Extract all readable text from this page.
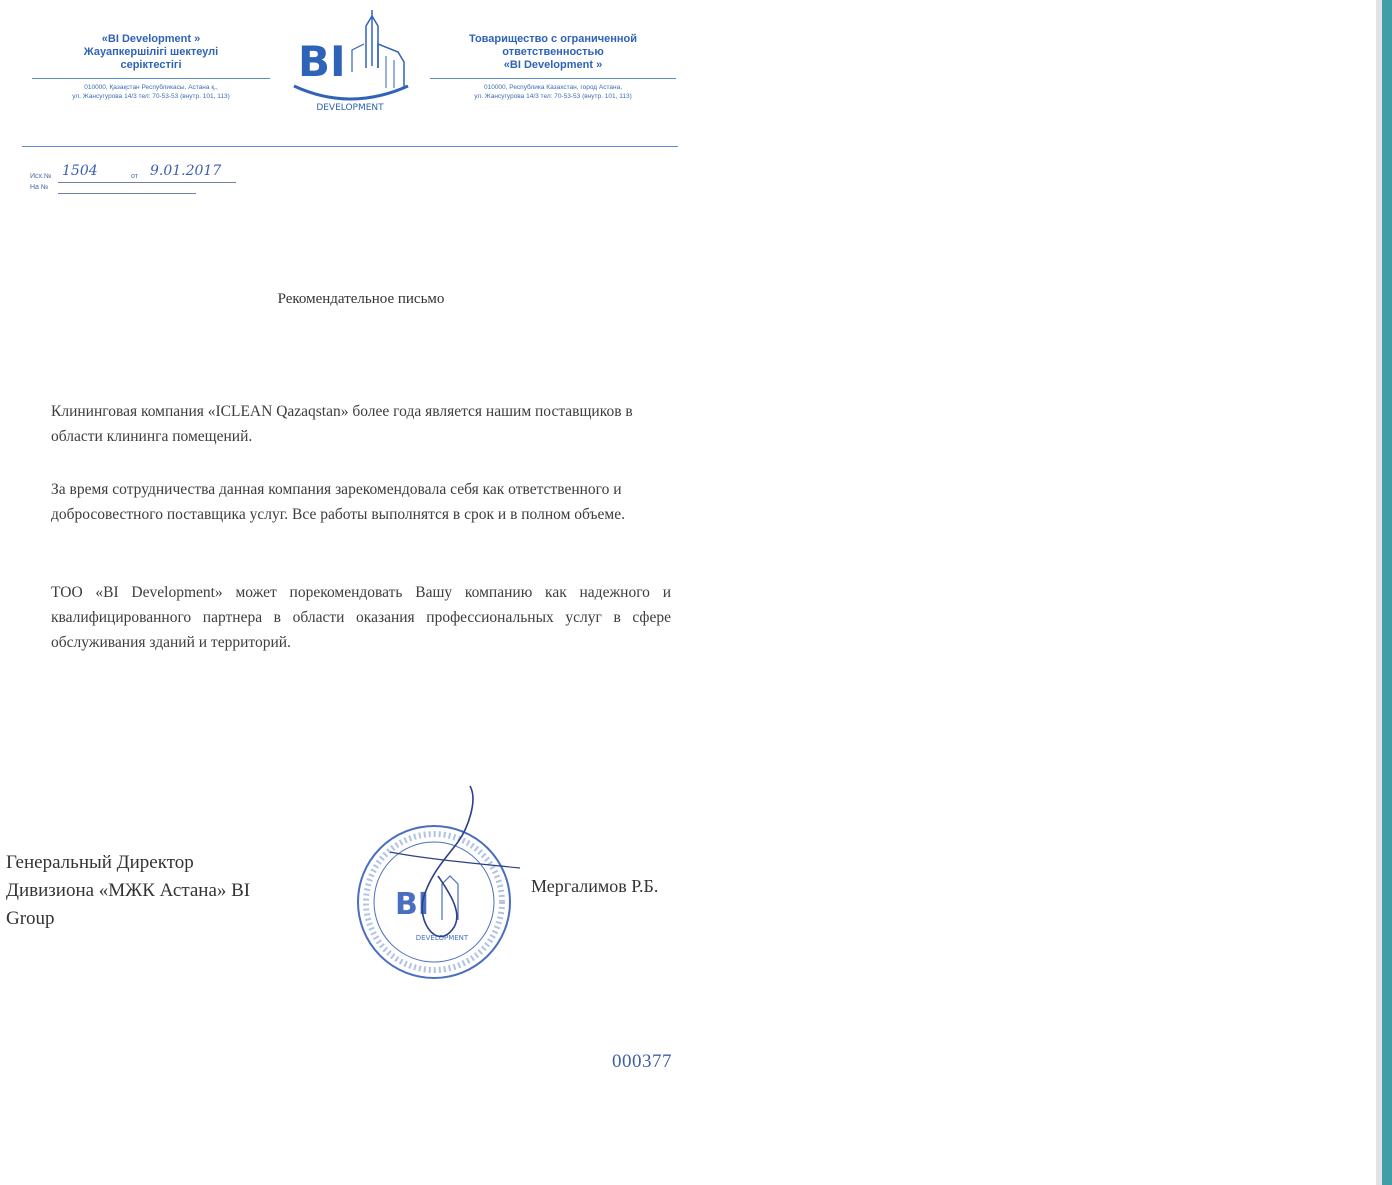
«BI Development »
Жауапкершілігі шектеулі
серіктестігі
010000, Қазақстан Республикасы, Астана қ.,
ул. Жансугурова 14/3 тел: 70-53-53 (внутр. 101, 113)
BI
DEVELOPMENT
Товарищество с ограниченной
ответственностью
«BI Development »
010000, Республика Казахстан, город Астана,
ул. Жансугурова 14/3 тел: 70-53-53 (внутр. 101, 113)
Исх.№ 1504	от 9.01.2017
На №
Рекомендательное письмо

Клининговая компания «ICLEAN Qazaqstan» более года является нашим поставщиков в области клининга помещений.

За время сотрудничества данная компания зарекомендовала себя как ответственного и добросовестного поставщика услуг. Все работы выполнятся в срок и в полном объеме.

ТОО «BI Development» может порекомендовать Вашу компанию как надежного и квалифицированного партнера в области оказания профессиональных услуг в сфере обслуживания зданий и территорий.

Генеральный Директор
Дивизиона «МЖК Астана» BI
Group	BI
DEVELOPMENT
Мергалимов Р.Б.
000377
